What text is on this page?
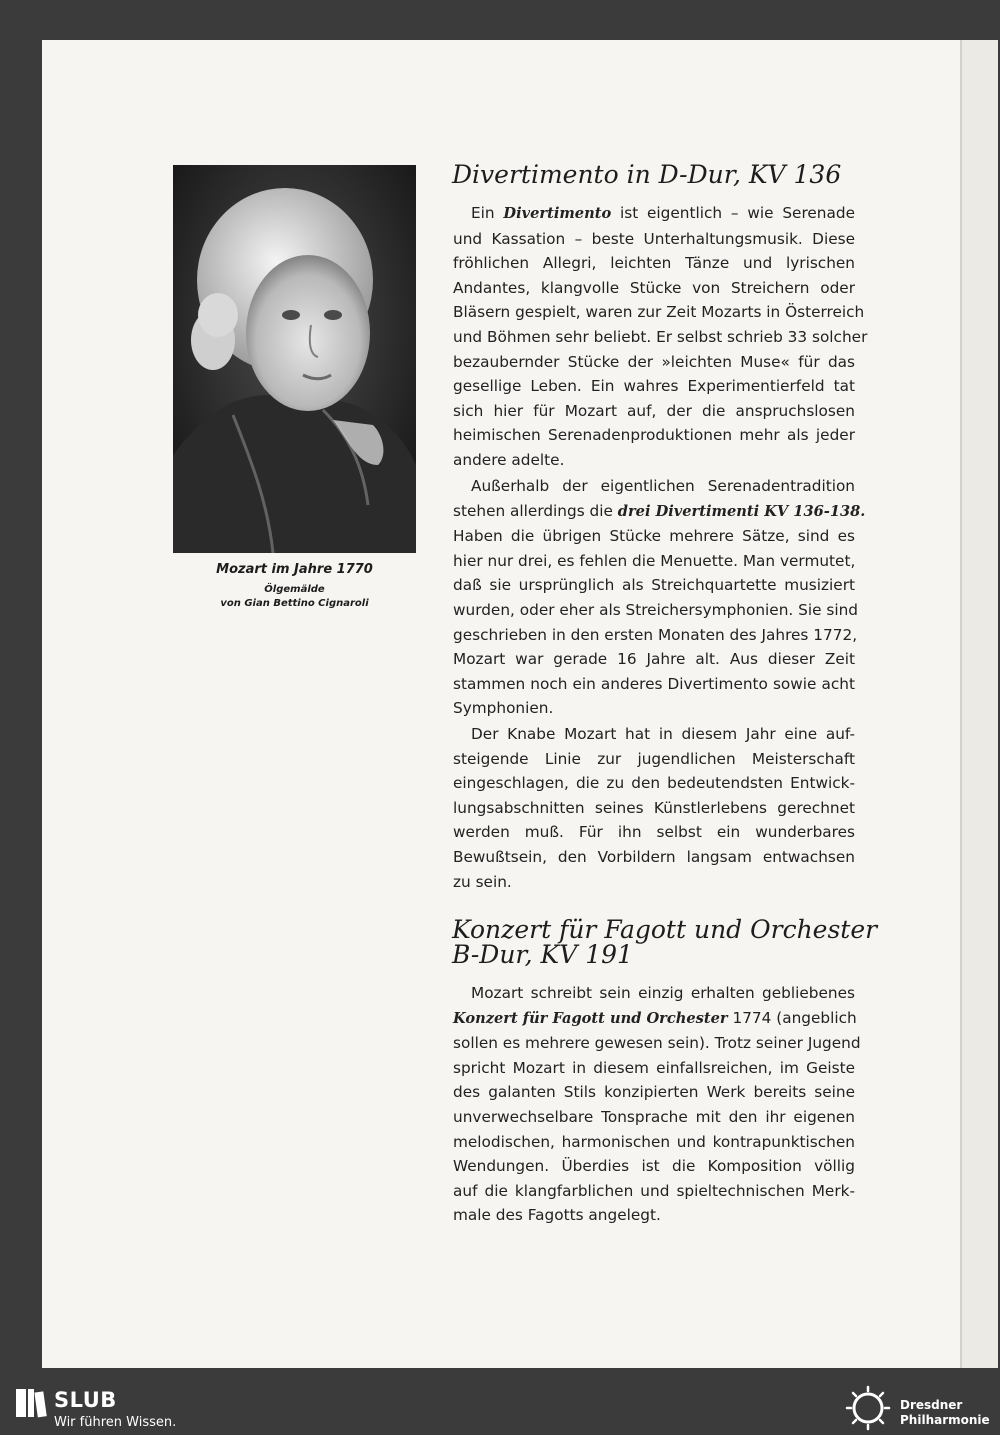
Mozart im Jahre 1770
Ölgemälde
von Gian Bettino Cignaroli
Divertimento in D-Dur, KV 136

Ein Divertimento ist eigentlich – wie Serenade
und Kassation – beste Unterhaltungsmusik. Diese
fröhlichen Allegri, leichten Tänze und lyrischen
Andantes, klangvolle Stücke von Streichern oder
Bläsern gespielt, waren zur Zeit Mozarts in Österreich
und Böhmen sehr beliebt. Er selbst schrieb 33 solcher
bezaubernder Stücke der »leichten Muse« für das
gesellige Leben. Ein wahres Experimentierfeld tat
sich hier für Mozart auf, der die anspruchslosen
heimischen Serenadenproduktionen mehr als jeder
andere adelte.

Außerhalb der eigentlichen Serenadentradition
stehen allerdings die drei Divertimenti KV 136-138.
Haben die übrigen Stücke mehrere Sätze, sind es
hier nur drei, es fehlen die Menuette. Man vermutet,
daß sie ursprünglich als Streichquartette musiziert
wurden, oder eher als Streichersymphonien. Sie sind
geschrieben in den ersten Monaten des Jahres 1772,
Mozart war gerade 16 Jahre alt. Aus dieser Zeit
stammen noch ein anderes Divertimento sowie acht
Symphonien.

Der Knabe Mozart hat in diesem Jahr eine auf-
steigende Linie zur jugendlichen Meisterschaft
eingeschlagen, die zu den bedeutendsten Entwick-
lungsabschnitten seines Künstlerlebens gerechnet
werden muß. Für ihn selbst ein wunderbares
Bewußtsein, den Vorbildern langsam entwachsen
zu sein.

Konzert für Fagott und Orchester
B-Dur, KV 191

Mozart schreibt sein einzig erhalten gebliebenes
Konzert für Fagott und Orchester 1774 (angeblich
sollen es mehrere gewesen sein). Trotz seiner Jugend
spricht Mozart in diesem einfallsreichen, im Geiste
des galanten Stils konzipierten Werk bereits seine
unverwechselbare Tonsprache mit den ihr eigenen
melodischen, harmonischen und kontrapunktischen
Wendungen. Überdies ist die Komposition völlig
auf die klangfarblichen und spieltechnischen Merk-
male des Fagotts angelegt.

SLUB
Wir führen Wissen.
Dresdner
Philharmonie
